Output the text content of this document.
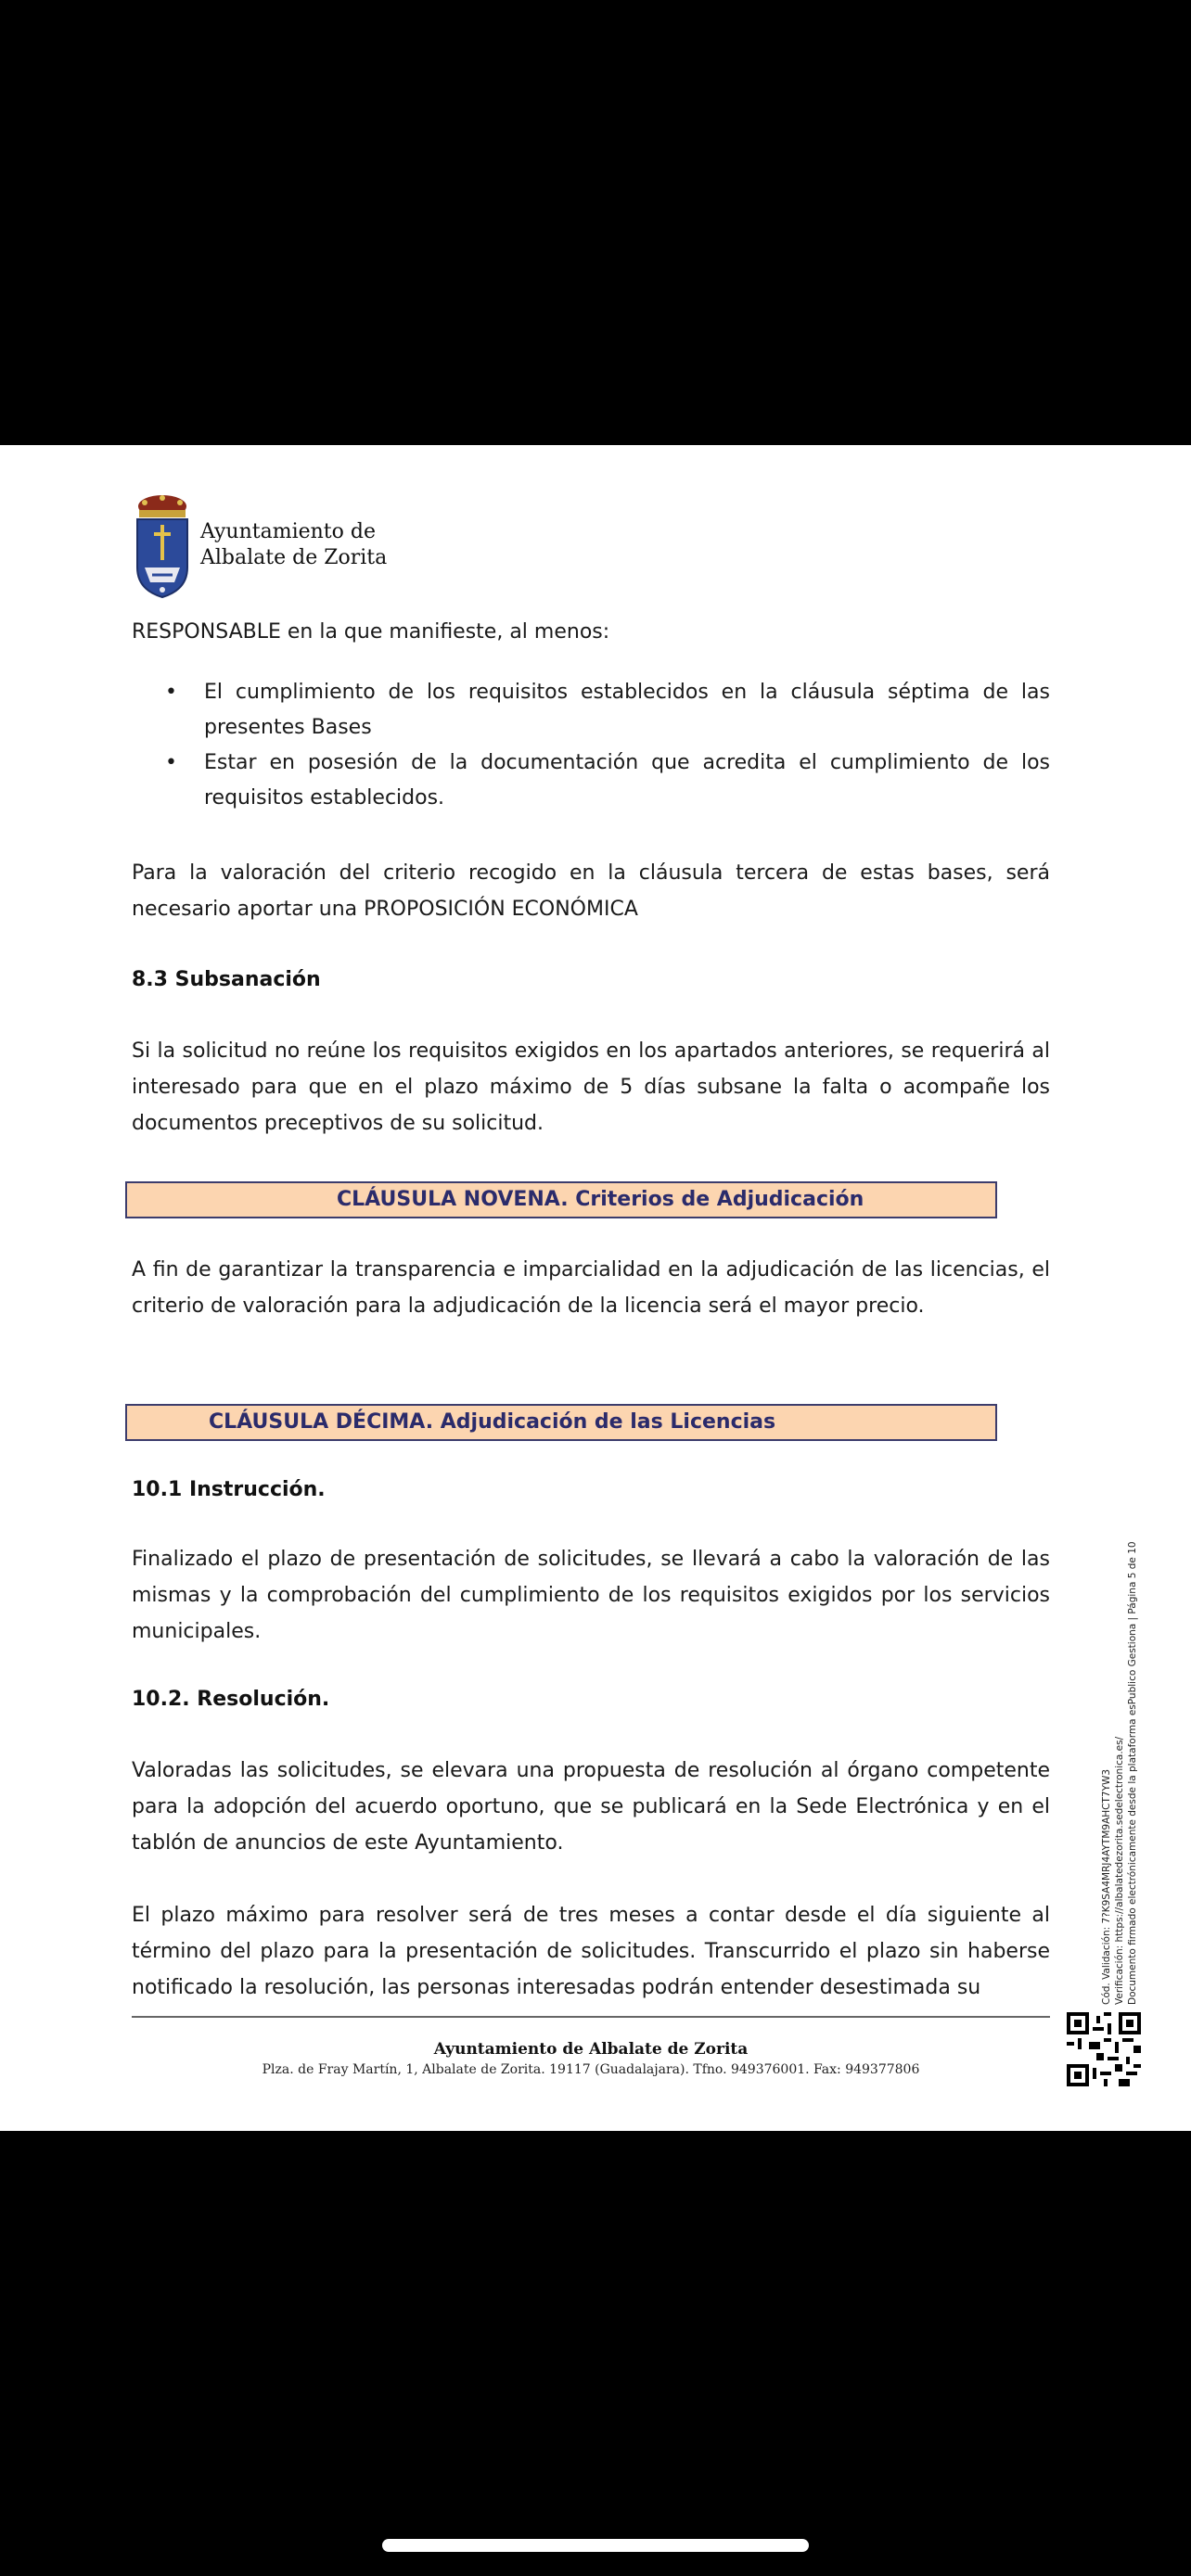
Ayuntamiento de
Albalate de Zorita
RESPONSABLE en la que manifieste, al menos:
• El cumplimiento de los requisitos establecidos en la cláusula séptima de las presentes Bases
• Estar en posesión de la documentación que acredita el cumplimiento de los requisitos establecidos.
Para la valoración del criterio recogido en la cláusula tercera de estas bases, será necesario aportar una PROPOSICIÓN ECONÓMICA
8.3 Subsanación
Si la solicitud no reúne los requisitos exigidos en los apartados anteriores, se requerirá al interesado para que en el plazo máximo de 5 días subsane la falta o acompañe los documentos preceptivos de su solicitud.
CLÁUSULA NOVENA. Criterios de Adjudicación
A fin de garantizar la transparencia e imparcialidad en la adjudicación de las licencias, el criterio de valoración para la adjudicación de la licencia será el mayor precio.
CLÁUSULA DÉCIMA. Adjudicación de las Licencias
10.1 Instrucción.
Finalizado el plazo de presentación de solicitudes, se llevará a cabo la valoración de las mismas y la comprobación del cumplimiento de los requisitos exigidos por los servicios municipales.
10.2. Resolución.
Valoradas las solicitudes, se elevara una propuesta de resolución al órgano competente para la adopción del acuerdo oportuno, que se publicará en la Sede Electrónica y en el tablón de anuncios de este Ayuntamiento.
El plazo máximo para resolver será de tres meses a contar desde el día siguiente al término del plazo para la presentación de solicitudes. Transcurrido el plazo sin haberse notificado la resolución, las personas interesadas podrán entender desestimada su	Cód. Validación: 7?K9SA4MRJ4AYTM9AHCT7YW3 Verificación: https://albalatedezorita.sedelectronica.es/ Documento firmado electrónicamente desde la plataforma esPublico Gestiona | Página 5 de 10
Ayuntamiento de Albalate de Zorita
Plza. de Fray Martín, 1, Albalate de Zorita. 19117 (Guadalajara). Tfno. 949376001. Fax: 949377806
